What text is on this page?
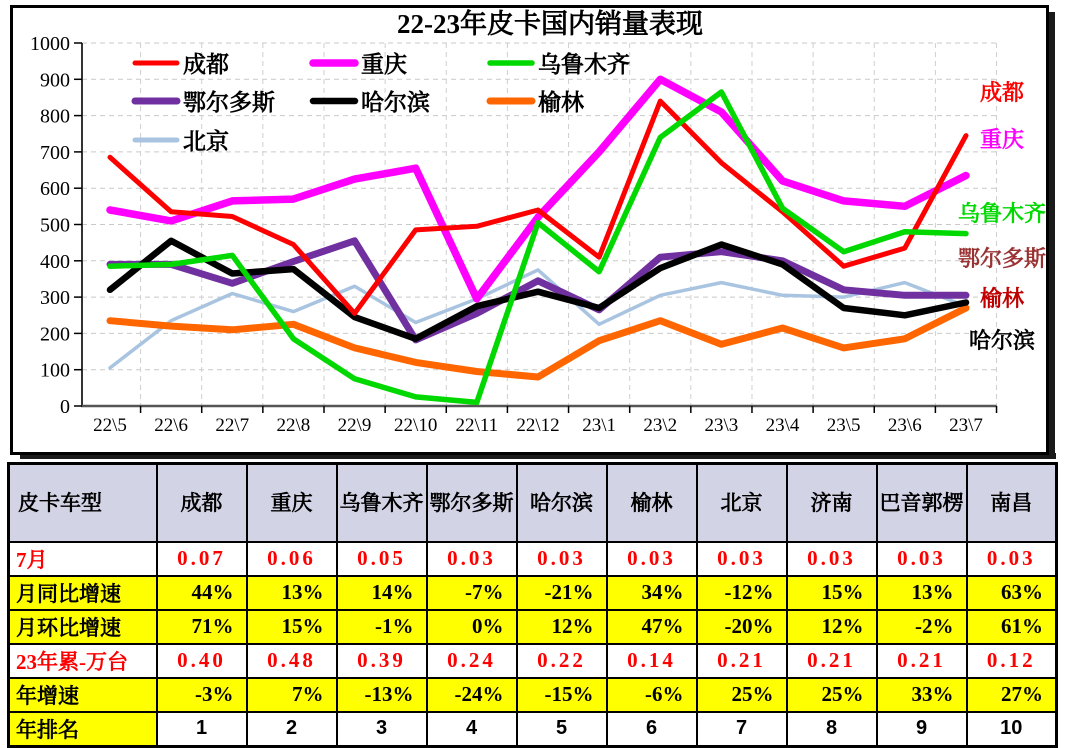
0
100
200
300
400
500
600
700
800
900
1000
22\5 22\6 22\7 22\8 22\9 22\10 22\11 22\12 23\1 23\2 23\3 23\4 23\5 23\6 23\7
22-23年皮卡国内销量表现
成都	重庆	乌鲁木齐
鄂尔多斯	哈尔滨	榆林
北京
成都
重庆
乌鲁木齐
鄂尔多斯
榆林
哈尔滨
皮卡车型	成都	重庆	乌鲁木齐	鄂尔多斯	哈尔滨	榆林	北京	济南	巴音郭楞	南昌
7月	0.07	0.06	0.05	0.03	0.03	0.03	0.03	0.03	0.03	0.03
月同比增速	44%	13%	14%	-7%	-21%	34%	-12%	15%	13%	63%
月环比增速	71%	15%	-1%	0%	12%	47%	-20%	12%	-2%	61%
23年累-万台	0.40	0.48	0.39	0.24	0.22	0.14	0.21	0.21	0.21	0.12
年增速	-3%	7%	-13%	-24%	-15%	-6%	25%	25%	33%	27%
年排名	1	2	3	4	5	6	7	8	9	10
